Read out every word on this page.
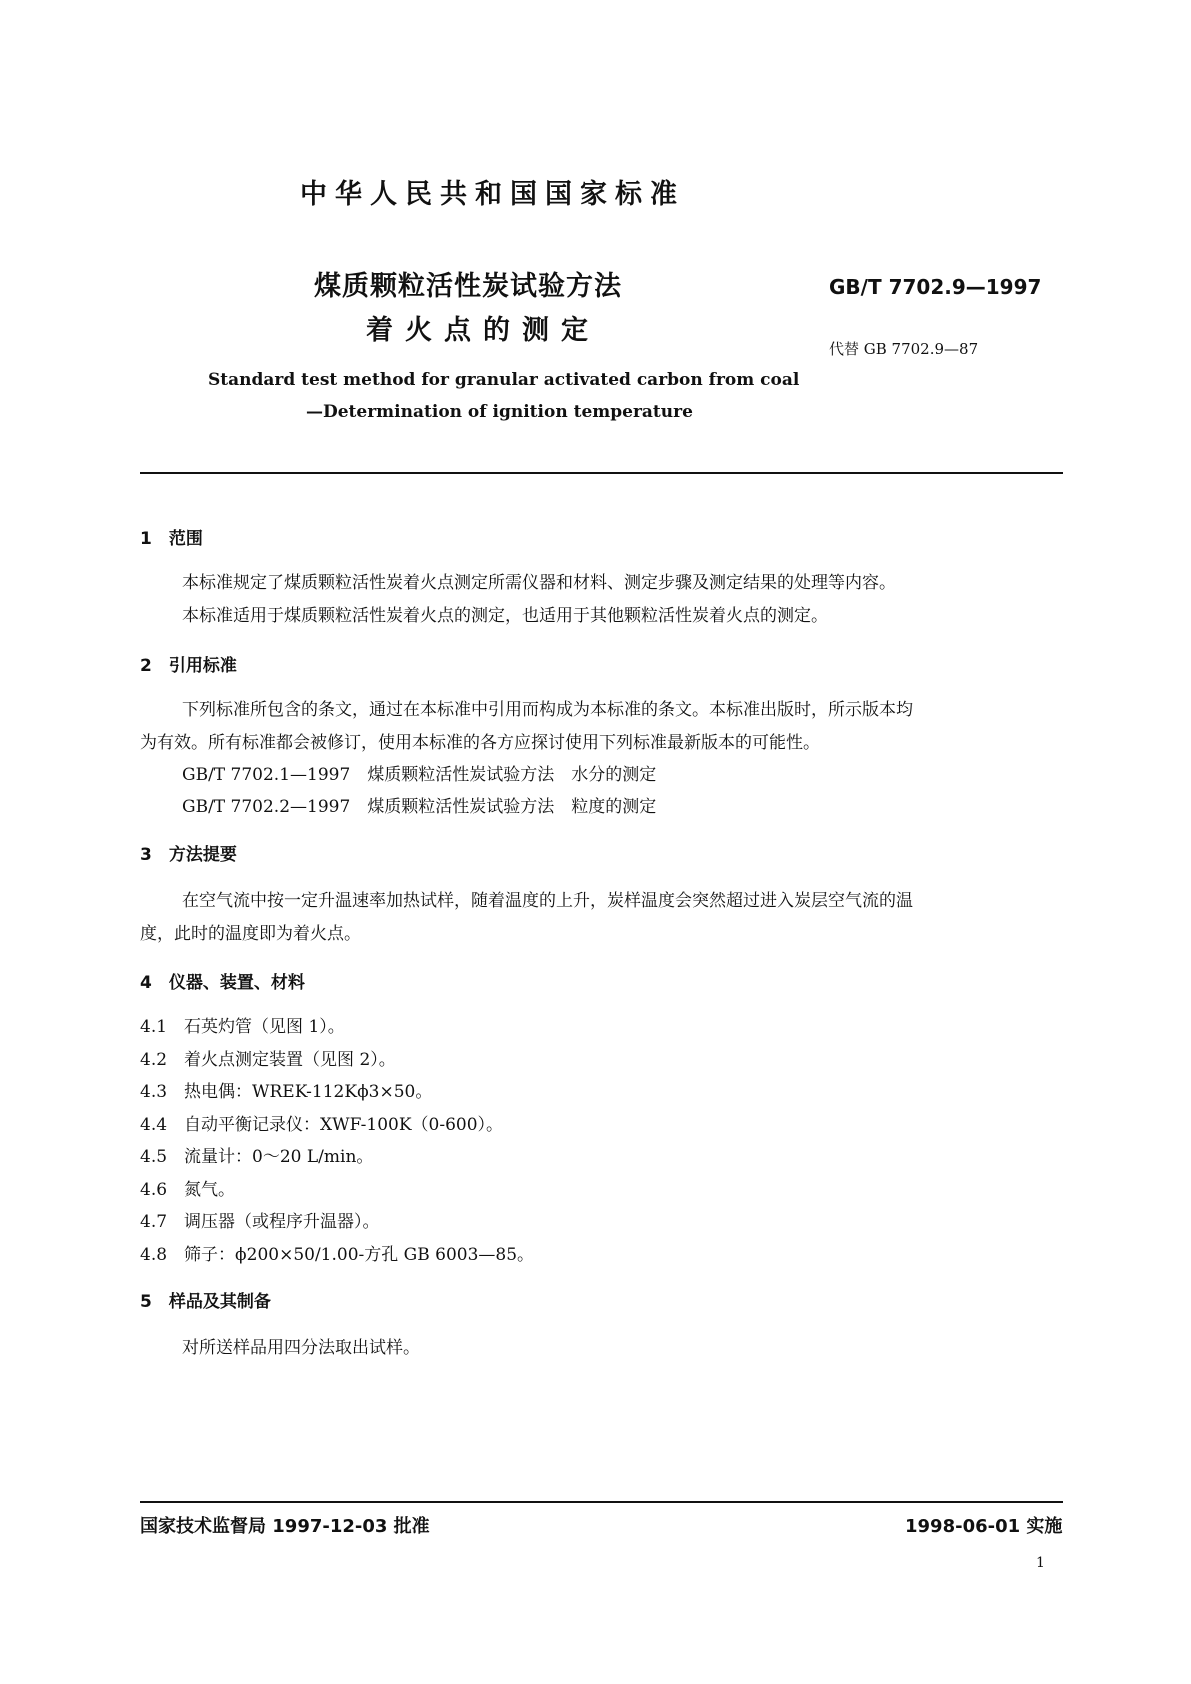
中华人民共和国国家标准
煤质颗粒活性炭试验方法
着火点的测定
GB/T 7702.9—1997
代替 GB 7702.9—87
Standard test method for granular activated carbon from coal
—Determination of ignition temperature
1　范围
本标准规定了煤质颗粒活性炭着火点测定所需仪器和材料、测定步骤及测定结果的处理等内容。
本标准适用于煤质颗粒活性炭着火点的测定，也适用于其他颗粒活性炭着火点的测定。
2　引用标准
下列标准所包含的条文，通过在本标准中引用而构成为本标准的条文。本标准出版时，所示版本均
为有效。所有标准都会被修订，使用本标准的各方应探讨使用下列标准最新版本的可能性。
GB/T 7702.1—1997　煤质颗粒活性炭试验方法　水分的测定
GB/T 7702.2—1997　煤质颗粒活性炭试验方法　粒度的测定
3　方法提要
在空气流中按一定升温速率加热试样，随着温度的上升，炭样温度会突然超过进入炭层空气流的温
度，此时的温度即为着火点。
4　仪器、装置、材料
4.1　石英灼管（见图 1）。
4.2　着火点测定装置（见图 2）。
4.3　热电偶：WREK-112Kϕ3×50。
4.4　自动平衡记录仪：XWF-100K（0-600）。
4.5　流量计：0～20 L/min。
4.6　氮气。
4.7　调压器（或程序升温器）。
4.8　筛子：ϕ200×50/1.00-方孔 GB 6003—85。
5　样品及其制备
对所送样品用四分法取出试样。
国家技术监督局 1997-12-03 批准	1998-06-01 实施
1
